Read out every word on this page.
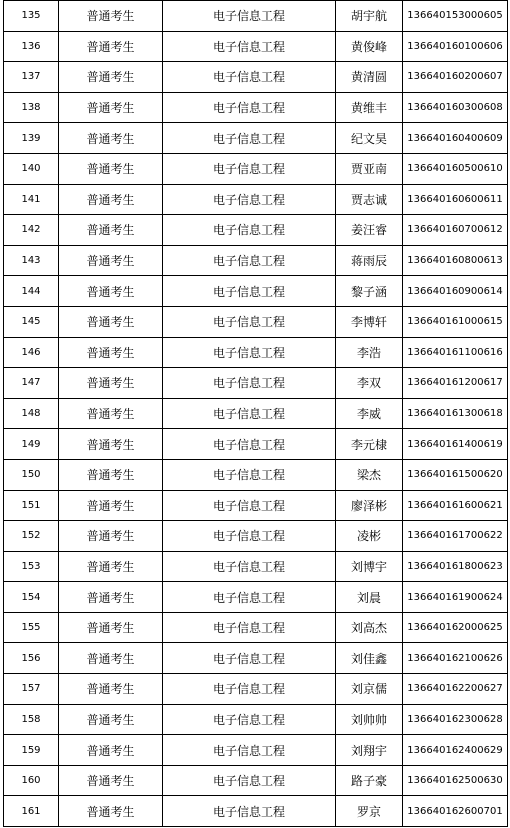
135	普通考生	电子信息工程	胡宇航	136640153000605
136	普通考生	电子信息工程	黄俊峰	136640160100606
137	普通考生	电子信息工程	黄清圆	136640160200607
138	普通考生	电子信息工程	黄维丰	136640160300608
139	普通考生	电子信息工程	纪文昊	136640160400609
140	普通考生	电子信息工程	贾亚南	136640160500610
141	普通考生	电子信息工程	贾志诚	136640160600611
142	普通考生	电子信息工程	姜汪睿	136640160700612
143	普通考生	电子信息工程	蒋雨辰	136640160800613
144	普通考生	电子信息工程	黎子涵	136640160900614
145	普通考生	电子信息工程	李博轩	136640161000615
146	普通考生	电子信息工程	李浩	136640161100616
147	普通考生	电子信息工程	李双	136640161200617
148	普通考生	电子信息工程	李威	136640161300618
149	普通考生	电子信息工程	李元棣	136640161400619
150	普通考生	电子信息工程	梁杰	136640161500620
151	普通考生	电子信息工程	廖泽彬	136640161600621
152	普通考生	电子信息工程	凌彬	136640161700622
153	普通考生	电子信息工程	刘博宇	136640161800623
154	普通考生	电子信息工程	刘晨	136640161900624
155	普通考生	电子信息工程	刘高杰	136640162000625
156	普通考生	电子信息工程	刘佳鑫	136640162100626
157	普通考生	电子信息工程	刘京儒	136640162200627
158	普通考生	电子信息工程	刘帅帅	136640162300628
159	普通考生	电子信息工程	刘翔宇	136640162400629
160	普通考生	电子信息工程	路子豪	136640162500630
161	普通考生	电子信息工程	罗京	136640162600701
